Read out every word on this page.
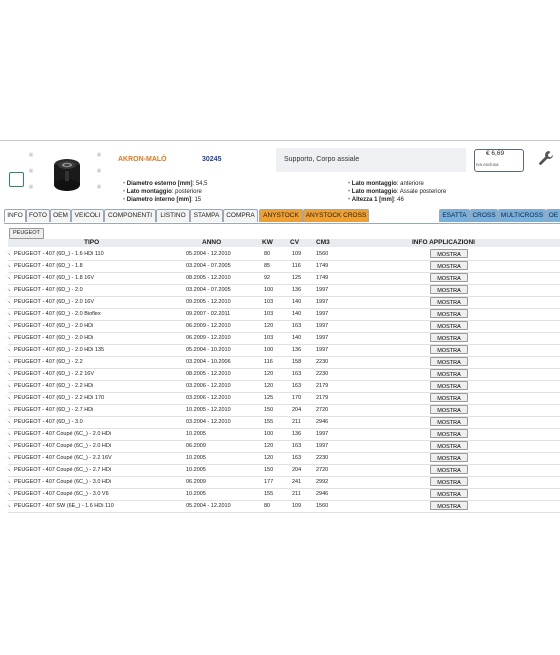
▣
▣
▣
▣
▣
▣
AKRON-MALÒ	30245	Supporto, Corpo assiale
€ 6,69
Iva esclusa
• Diametro esterno [mm]: 54,5
• Lato montaggio: posteriore
• Diametro interno [mm]: 15
• Lato montaggio: anteriore
• Lato montaggio: Assale posteriore
• Altezza 1 [mm]: 46
INFO FOTO OEM	VEICOLI	COMPONENTI	LISTINO	STAMPA	COMPRA	ANYSTOCK	ANYSTOCK CROSS	ESATTA CROSS MULTICROSS OE
PEUGEOT
TIPO	ANNO	KW	CV	CM3	INFO APPLICAZIONI
↘ PEUGEOT - 407 (6D_) - 1.6 HDi 110	05.2004 - 12.2010	80	109	1560	MOSTRA
↘ PEUGEOT - 407 (6D_) - 1.8	03.2004 - 07.2005	85	116	1749	MOSTRA
↘ PEUGEOT - 407 (6D_) - 1.8 16V	08.2005 - 12.2010	92	125	1749	MOSTRA
↘ PEUGEOT - 407 (6D_) - 2.0	03.2004 - 07.2005	100	136	1997	MOSTRA
↘ PEUGEOT - 407 (6D_) - 2.0 16V	09.2005 - 12.2010	103	140	1997	MOSTRA
↘ PEUGEOT - 407 (6D_) - 2.0 Bioflex	09.2007 - 02.2011	103	140	1997	MOSTRA
↘ PEUGEOT - 407 (6D_) - 2.0 HDi	06.2009 - 12.2010	120	163	1997	MOSTRA
↘ PEUGEOT - 407 (6D_) - 2.0 HDi	06.2009 - 12.2010	103	140	1997	MOSTRA
↘ PEUGEOT - 407 (6D_) - 2.0 HDi 135	05.2004 - 10.2010	100	136	1997	MOSTRA
↘ PEUGEOT - 407 (6D_) - 2.2	03.2004 - 10.2006	116	158	2230	MOSTRA
↘ PEUGEOT - 407 (6D_) - 2.2 16V	08.2005 - 12.2010	120	163	2230	MOSTRA
↘ PEUGEOT - 407 (6D_) - 2.2 HDi	03.2006 - 12.2010	120	163	2179	MOSTRA
↘ PEUGEOT - 407 (6D_) - 2.2 HDi 170	03.2006 - 12.2010	125	170	2179	MOSTRA
↘ PEUGEOT - 407 (6D_) - 2.7 HDi	10.2005 - 12.2010	150	204	2720	MOSTRA
↘ PEUGEOT - 407 (6D_) - 3.0	03.2004 - 12.2010	155	211	2946	MOSTRA
↘ PEUGEOT - 407 Coupé (6C_) - 2.0 HDi	10.2005	100	136	1997	MOSTRA
↘ PEUGEOT - 407 Coupé (6C_) - 2.0 HDi	06.2009	120	163	1997	MOSTRA
↘ PEUGEOT - 407 Coupé (6C_) - 2.2 16V	10.2005	120	163	2230	MOSTRA
↘ PEUGEOT - 407 Coupé (6C_) - 2.7 HDi	10.2005	150	204	2720	MOSTRA
↘ PEUGEOT - 407 Coupé (6C_) - 3.0 HDi	06.2009	177	241	2992	MOSTRA
↘ PEUGEOT - 407 Coupé (6C_) - 3.0 V6	10.2005	155	211	2946	MOSTRA
↘ PEUGEOT - 407 SW (6E_) - 1.6 HDi 110	05.2004 - 12.2010	80	109	1560	MOSTRA
